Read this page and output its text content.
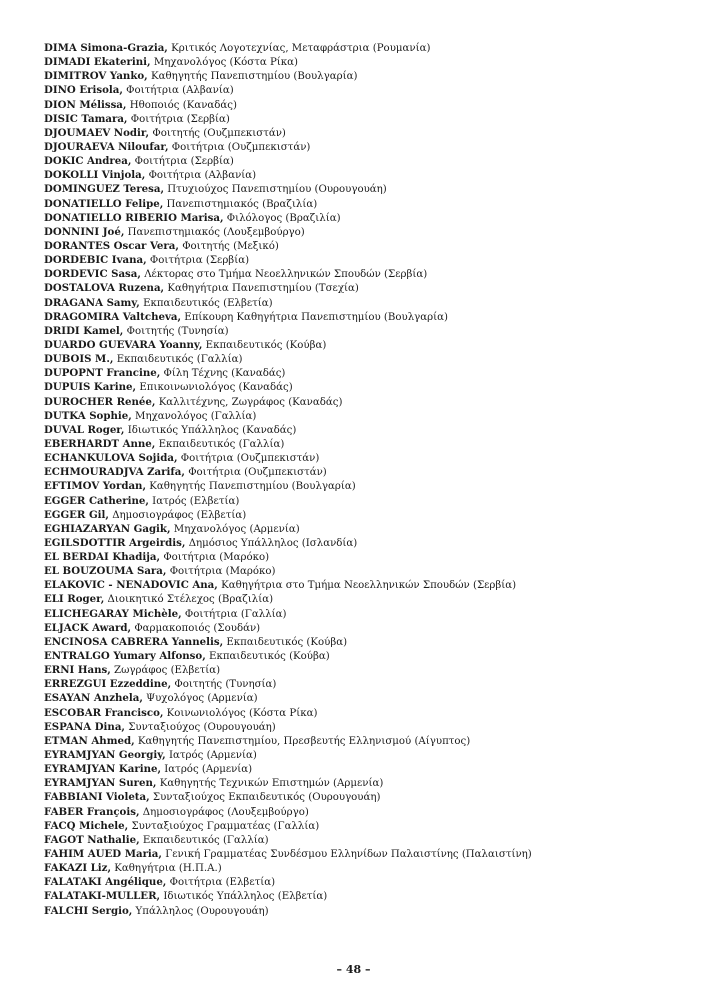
DIMA Simona-Grazia, Κριτικός Λογοτεχνίας, Μεταφράστρια (Ρουμανία)
DIMADI Ekaterini, Μηχανολόγος (Κόστα Ρίκα)
DIMITROV Yanko, Καθηγητής Πανεπιστημίου (Βουλγαρία)
DINO Erisola, Φοιτήτρια (Αλβανία)
DION Mélissa, Ηθοποιός (Καναδάς)
DISIC Tamara, Φοιτήτρια (Σερβία)
DJOUMAEV Nodir, Φοιτητής (Ουζμπεκιστάν)
DJOURAEVA Niloufar, Φοιτήτρια (Ουζμπεκιστάν)
DOKIC Andrea, Φοιτήτρια (Σερβία)
DOKOLLI Vinjola, Φοιτήτρια (Αλβανία)
DOMINGUEZ Teresa, Πτυχιούχος Πανεπιστημίου (Ουρουγουάη)
DONATIELLO Felipe, Πανεπιστημιακός (Βραζιλία)
DONATIELLO RIBERIO Marisa, Φιλόλογος (Βραζιλία)
DONNINI Joé, Πανεπιστημιακός (Λουξεμβούργο)
DORANTES Oscar Vera, Φοιτητής (Μεξικό)
DORDEBIC Ivana, Φοιτήτρια (Σερβία)
DORDEVIC Sasa, Λέκτορας στο Τμήμα Νεοελληνικών Σπουδών (Σερβία)
DOSTALOVA Ruzena, Καθηγήτρια Πανεπιστημίου (Τσεχία)
DRAGANA Samy, Εκπαιδευτικός (Ελβετία)
DRAGOMIRA Valtcheva, Επίκουρη Καθηγήτρια Πανεπιστημίου (Βουλγαρία)
DRIDI Kamel, Φοιτητής (Τυνησία)
DUARDO GUEVARA Yoanny, Εκπαιδευτικός (Κούβα)
DUBOIS M., Εκπαιδευτικός (Γαλλία)
DUPOPNT Francine, Φίλη Τέχνης (Καναδάς)
DUPUIS Karine, Επικοινωνιολόγος (Καναδάς)
DUROCHER Renée, Καλλιτέχνης, Ζωγράφος (Καναδάς)
DUTKA Sophie, Μηχανολόγος (Γαλλία)
DUVAL Roger, Ιδιωτικός Υπάλληλος (Καναδάς)
EBERHARDT Anne, Εκπαιδευτικός (Γαλλία)
ECHANKULOVA Sojida, Φοιτήτρια (Ουζμπεκιστάν)
ECHMOURADJVA Zarifa, Φοιτήτρια (Ουζμπεκιστάν)
EFTIMOV Yordan, Καθηγητής Πανεπιστημίου (Βουλγαρία)
EGGER Catherine, Ιατρός (Ελβετία)
EGGER Gil, Δημοσιογράφος (Ελβετία)
EGHIAZARYAN Gagik, Μηχανολόγος (Αρμενία)
EGILSDOTTIR Argeirdis, Δημόσιος Υπάλληλος (Ισλανδία)
EL BERDAI Khadija, Φοιτήτρια (Μαρόκο)
EL BOUZOUMA Sara, Φοιτήτρια (Μαρόκο)
ELAKOVIC - NENADOVIC Ana, Καθηγήτρια στο Τμήμα Νεοελληνικών Σπουδών (Σερβία)
ELI Roger, Διοικητικό Στέλεχος (Βραζιλία)
ELICHEGARAY Michèle, Φοιτήτρια (Γαλλία)
ELJACK Award, Φαρμακοποιός (Σουδάν)
ENCINOSA CABRERA Yannelis, Εκπαιδευτικός (Κούβα)
ENTRALGO Yumary Alfonso, Εκπαιδευτικός (Κούβα)
ERNI Hans, Ζωγράφος (Ελβετία)
ERREZGUI Ezzeddine, Φοιτητής (Τυνησία)
ESAYAN Anzhela, Ψυχολόγος (Αρμενία)
ESCOBAR Francisco, Κοινωνιολόγος (Κόστα Ρίκα)
ESPANA Dina, Συνταξιούχος (Ουρουγουάη)
ETMAN Ahmed, Καθηγητής Πανεπιστημίου, Πρεσβευτής Ελληνισμού (Αίγυπτος)
EYRAMJYAN Georgiy, Ιατρός (Αρμενία)
EYRAMJYAN Karine, Ιατρός (Αρμενία)
EYRAMJYAN Suren, Καθηγητής Τεχνικών Επιστημών (Αρμενία)
FABBIANI Violeta, Συνταξιούχος Εκπαιδευτικός (Ουρουγουάη)
FABER François, Δημοσιογράφος (Λουξεμβούργο)
FACQ Michele, Συνταξιούχος Γραμματέας (Γαλλία)
FAGOT Nathalie, Εκπαιδευτικός (Γαλλία)
FAHIM AUED Maria, Γενική Γραμματέας Συνδέσμου Ελληνίδων Παλαιστίνης (Παλαιστίνη)
FAKAZI Liz, Καθηγήτρια (Η.Π.Α.)
FALATAKI Angélique, Φοιτήτρια (Ελβετία)
FALATAKI-MULLER, Ιδιωτικός Υπάλληλος (Ελβετία)
FALCHI Sergio, Υπάλληλος (Ουρουγουάη)
– 48 –
